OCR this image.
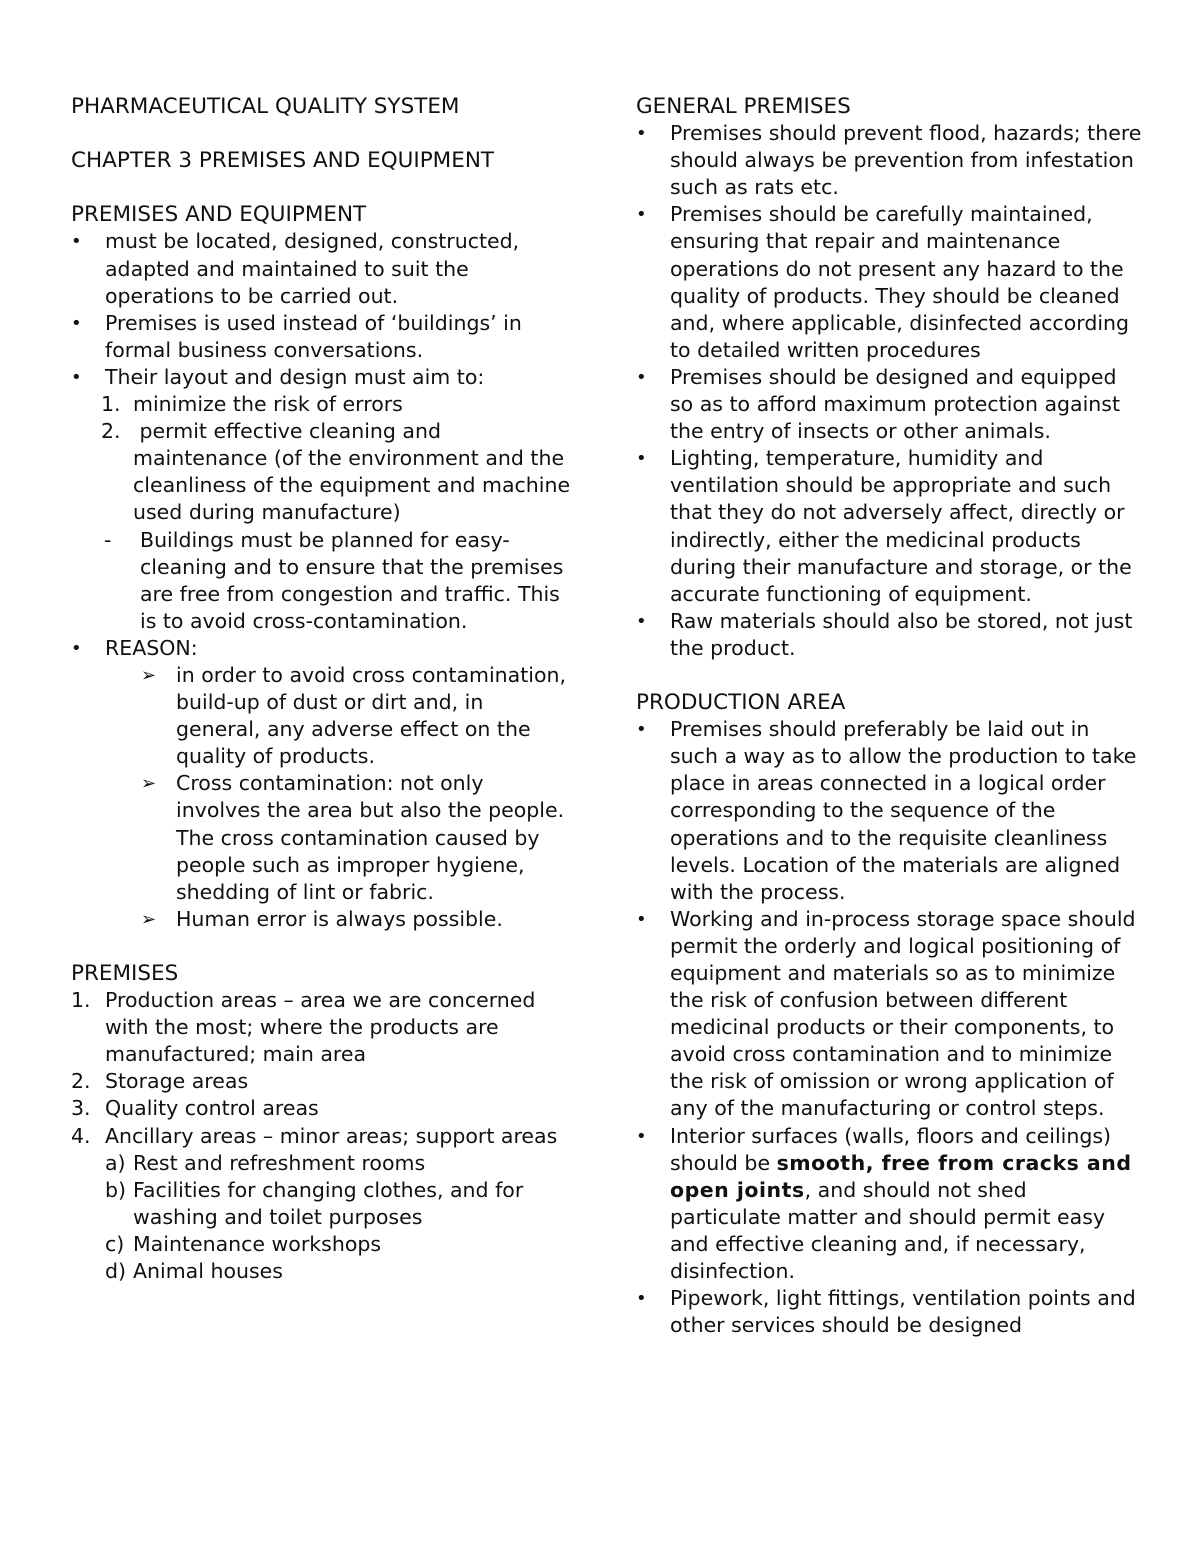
PHARMACEUTICAL QUALITY SYSTEM
CHAPTER 3 PREMISES AND EQUIPMENT
PREMISES AND EQUIPMENT
•	must be located, designed, constructed, adapted and maintained to suit the operations to be carried out.
•	Premises is used instead of ‘buildings’ in formal business conversations.
•	Their layout and design must aim to:
1. minimize the risk of errors
2. permit effective cleaning and maintenance (of the environment and the cleanliness of the equipment and machine used during manufacture)
-	Buildings must be planned for easy-cleaning and to ensure that the premises are free from congestion and traffic. This is to avoid cross-contamination.
•	REASON:
➢ in order to avoid cross contamination, build-up of dust or dirt and, in general, any adverse effect on the quality of products.
➢ Cross contamination: not only involves the area but also the people. The cross contamination caused by people such as improper hygiene, shedding of lint or fabric.
➢ Human error is always possible.
PREMISES
1. Production areas – area we are concerned with the most; where the products are manufactured; main area
2. Storage areas
3. Quality control areas
4. Ancillary areas – minor areas; support areas
a) Rest and refreshment rooms
b) Facilities for changing clothes, and for washing and toilet purposes
c) Maintenance workshops
d) Animal houses
GENERAL PREMISES
•	Premises should prevent flood, hazards; there should always be prevention from infestation such as rats etc.
•	Premises should be carefully maintained, ensuring that repair and maintenance operations do not present any hazard to the quality of products. They should be cleaned and, where applicable, disinfected according to detailed written procedures
•	Premises should be designed and equipped so as to afford maximum protection against the entry of insects or other animals.
•	Lighting, temperature, humidity and ventilation should be appropriate and such that they do not adversely affect, directly or indirectly, either the medicinal products during their manufacture and storage, or the accurate functioning of equipment.
•	Raw materials should also be stored, not just the product.
PRODUCTION AREA
•	Premises should preferably be laid out in such a way as to allow the production to take place in areas connected in a logical order corresponding to the sequence of the operations and to the requisite cleanliness levels. Location of the materials are aligned with the process.
•	Working and in-process storage space should permit the orderly and logical positioning of equipment and materials so as to minimize the risk of confusion between different medicinal products or their components, to avoid cross contamination and to minimize the risk of omission or wrong application of any of the manufacturing or control steps.
•	Interior surfaces (walls, floors and ceilings) should be smooth, free from cracks and open joints, and should not shed particulate matter and should permit easy and effective cleaning and, if necessary, disinfection.
•	Pipework, light fittings, ventilation points and other services should be designed
